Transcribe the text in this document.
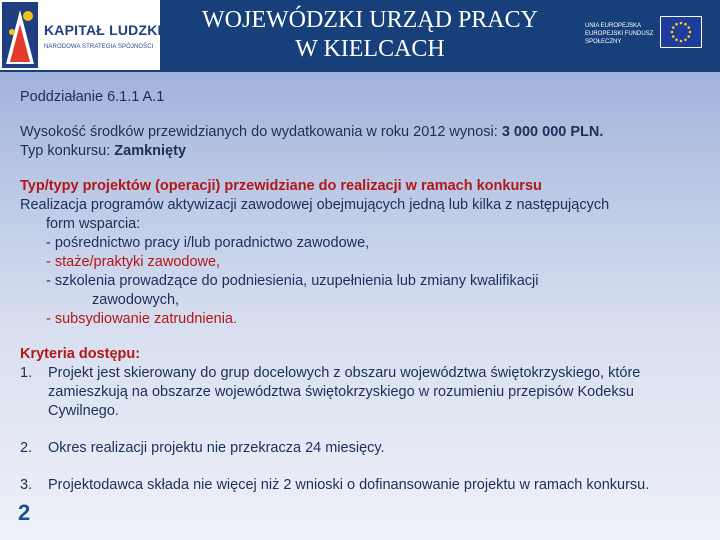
KAPITAŁ LUDZKI
NARODOWA STRATEGIA SPÓJNOŚCI
WOJEWÓDZKI URZĄD PRACY
W KIELCACH
UNIA EUROPEJSKA EUROPEJSKI FUNDUSZ SPOŁECZNY
Poddziałanie 6.1.1 A.1
Wysokość środków przewidzianych do wydatkowania w roku 2012 wynosi: 3 000 000 PLN.
Typ konkursu: Zamknięty
Typ/typy projektów (operacji) przewidziane do realizacji w ramach konkursu
Realizacja programów aktywizacji zawodowej obejmujących jedną lub kilka z następujących
form wsparcia:
- pośrednictwo pracy i/lub poradnictwo zawodowe,
- staże/praktyki zawodowe,
- szkolenia prowadzące do podniesienia, uzupełnienia lub zmiany kwalifikacji
zawodowych,
- subsydiowanie zatrudnienia.
Kryteria dostępu:
1. Projekt jest skierowany do grup docelowych z obszaru województwa świętokrzyskiego, które zamieszkują na obszarze województwa świętokrzyskiego w rozumieniu przepisów Kodeksu Cywilnego.
2. Okres realizacji projektu nie przekracza 24 miesięcy.
3. Projektodawca składa nie więcej niż 2 wnioski o dofinansowanie projektu w ramach konkursu.
2
